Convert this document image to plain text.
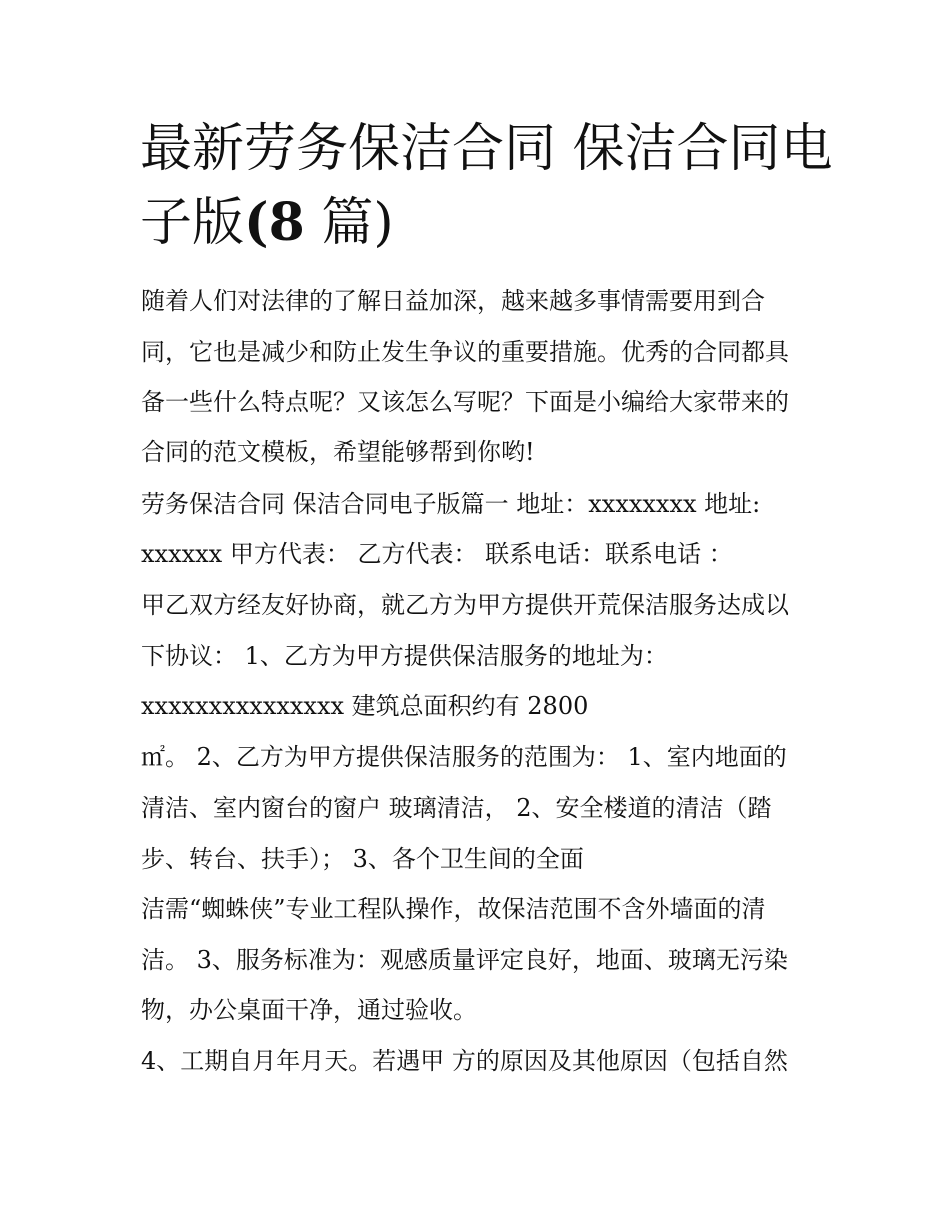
最新劳务保洁合同 保洁合同电
子版(8 篇)
随着人们对法律的了解日益加深，越来越多事情需要用到合
同，它也是减少和防止发生争议的重要措施。优秀的合同都具
备一些什么特点呢？又该怎么写呢？下面是小编给大家带来的
合同的范文模板，希望能够帮到你哟!
劳务保洁合同 保洁合同电子版篇一 地址：xxxxxxxx 地址:
xxxxxx 甲方代表： 乙方代表： 联系电话：联系电话 ：
甲乙双方经友好协商，就乙方为甲方提供开荒保洁服务达成以
下协议： 1、乙方为甲方提供保洁服务的地址为：
xxxxxxxxxxxxxxx 建筑总面积约有 2800
㎡。 2、乙方为甲方提供保洁服务的范围为： 1、室内地面的
清洁、室内窗台的窗户 玻璃清洁， 2、安全楼道的清洁（踏
步、转台、扶手）； 3、各个卫生间的全面
洁需“蜘蛛侠”专业工程队操作，故保洁范围不含外墙面的清
洁。 3、服务标准为：观感质量评定良好，地面、玻璃无污染
物，办公桌面干净，通过验收。
4、工期自月年月天。若遇甲 方的原因及其他原因（包括自然
